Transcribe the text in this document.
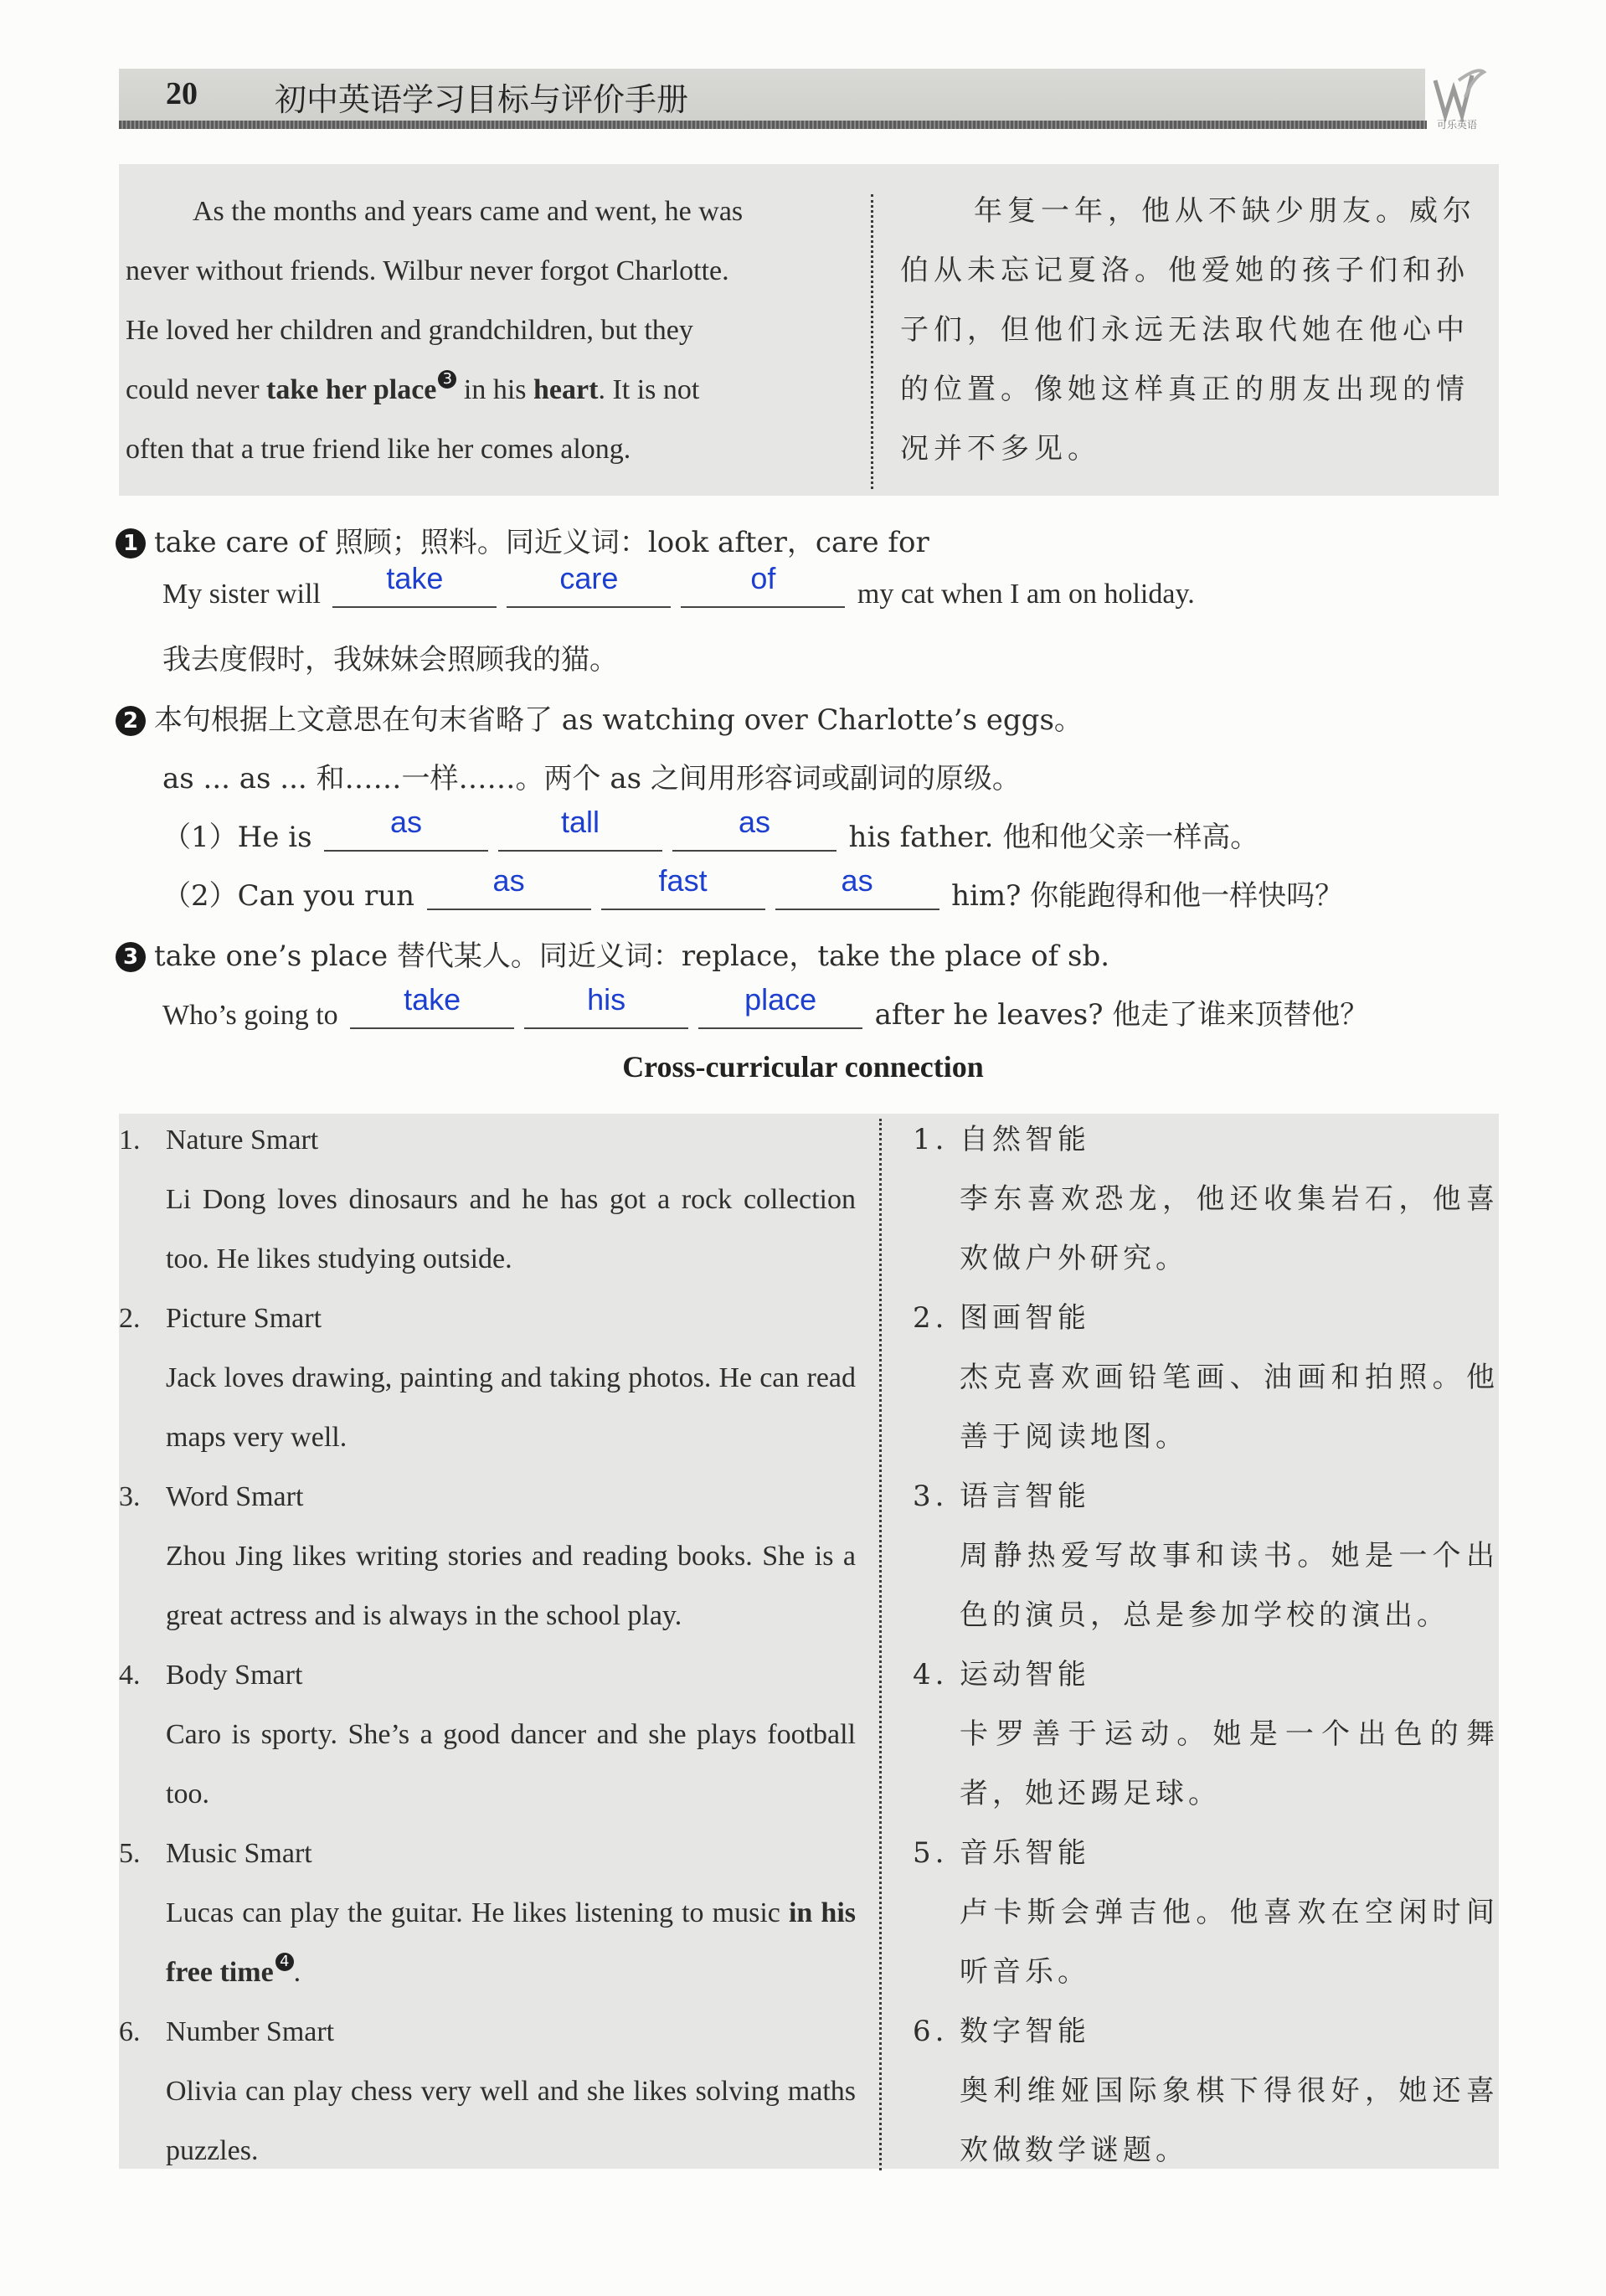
20 初中英语学习目标与评价手册
可乐英语

As the months and years came and went, he was

never without friends. Wilbur never forgot Charlotte.

He loved her children and grandchildren, but they

could never take her place $^3$ in his heart. It is not

often that a true friend like her comes along.

年复一年，他从不缺少朋友。威尔

伯从未忘记夏洛。他爱她的孩子们和孙

子们，但他们永远无法取代她在他心中

的位置。像她这样真正的朋友出现的情

况并不多见。

1 take care of 照顾；照料。同近义词：look after，care for
My sister will	take	care	of	my cat when I am on holiday.
我去度假时，我妹妹会照顾我的猫。
2 本句根据上文意思在句末省略了 as watching over Charlotte’s eggs。
as ... as ... 和……一样……。两个 as 之间用形容词或副词的原级。
（1）He is	as	tall	as	his father. 他和他父亲一样高。
（2）Can you run	as	fast	as	him? 你能跑得和他一样快吗？
3 take one’s place 替代某人。同近义词：replace，take the place of sb.
Who’s going to	take	his	place	after he leaves? 他走了谁来顶替他？
Cross-curricular connection

1. Nature Smart

Li Dong loves dinosaurs and he has got a rock collection too. He likes studying outside.

2. Picture Smart

Jack loves drawing, painting and taking photos. He can read maps very well.

3. Word Smart

Zhou Jing likes writing stories and reading books. She is a great actress and is always in the school play.

4. Body Smart

Caro is sporty. She’s a good dancer and she plays football too.

5. Music Smart

Lucas can play the guitar. He likes listening to music in his free time $^4$ .

6. Number Smart

Olivia can play chess very well and she likes solving maths puzzles.

1. 自然智能

李东喜欢恐龙，他还收集岩石，他喜欢做户外研究。

2. 图画智能

杰克喜欢画铅笔画、油画和拍照。他善于阅读地图。

3. 语言智能

周静热爱写故事和读书。她是一个出色的演员，总是参加学校的演出。

4. 运动智能

卡罗善于运动。她是一个出色的舞者，她还踢足球。

5. 音乐智能

卢卡斯会弹吉他。他喜欢在空闲时间听音乐。

6. 数字智能

奥利维娅国际象棋下得很好，她还喜欢做数学谜题。
